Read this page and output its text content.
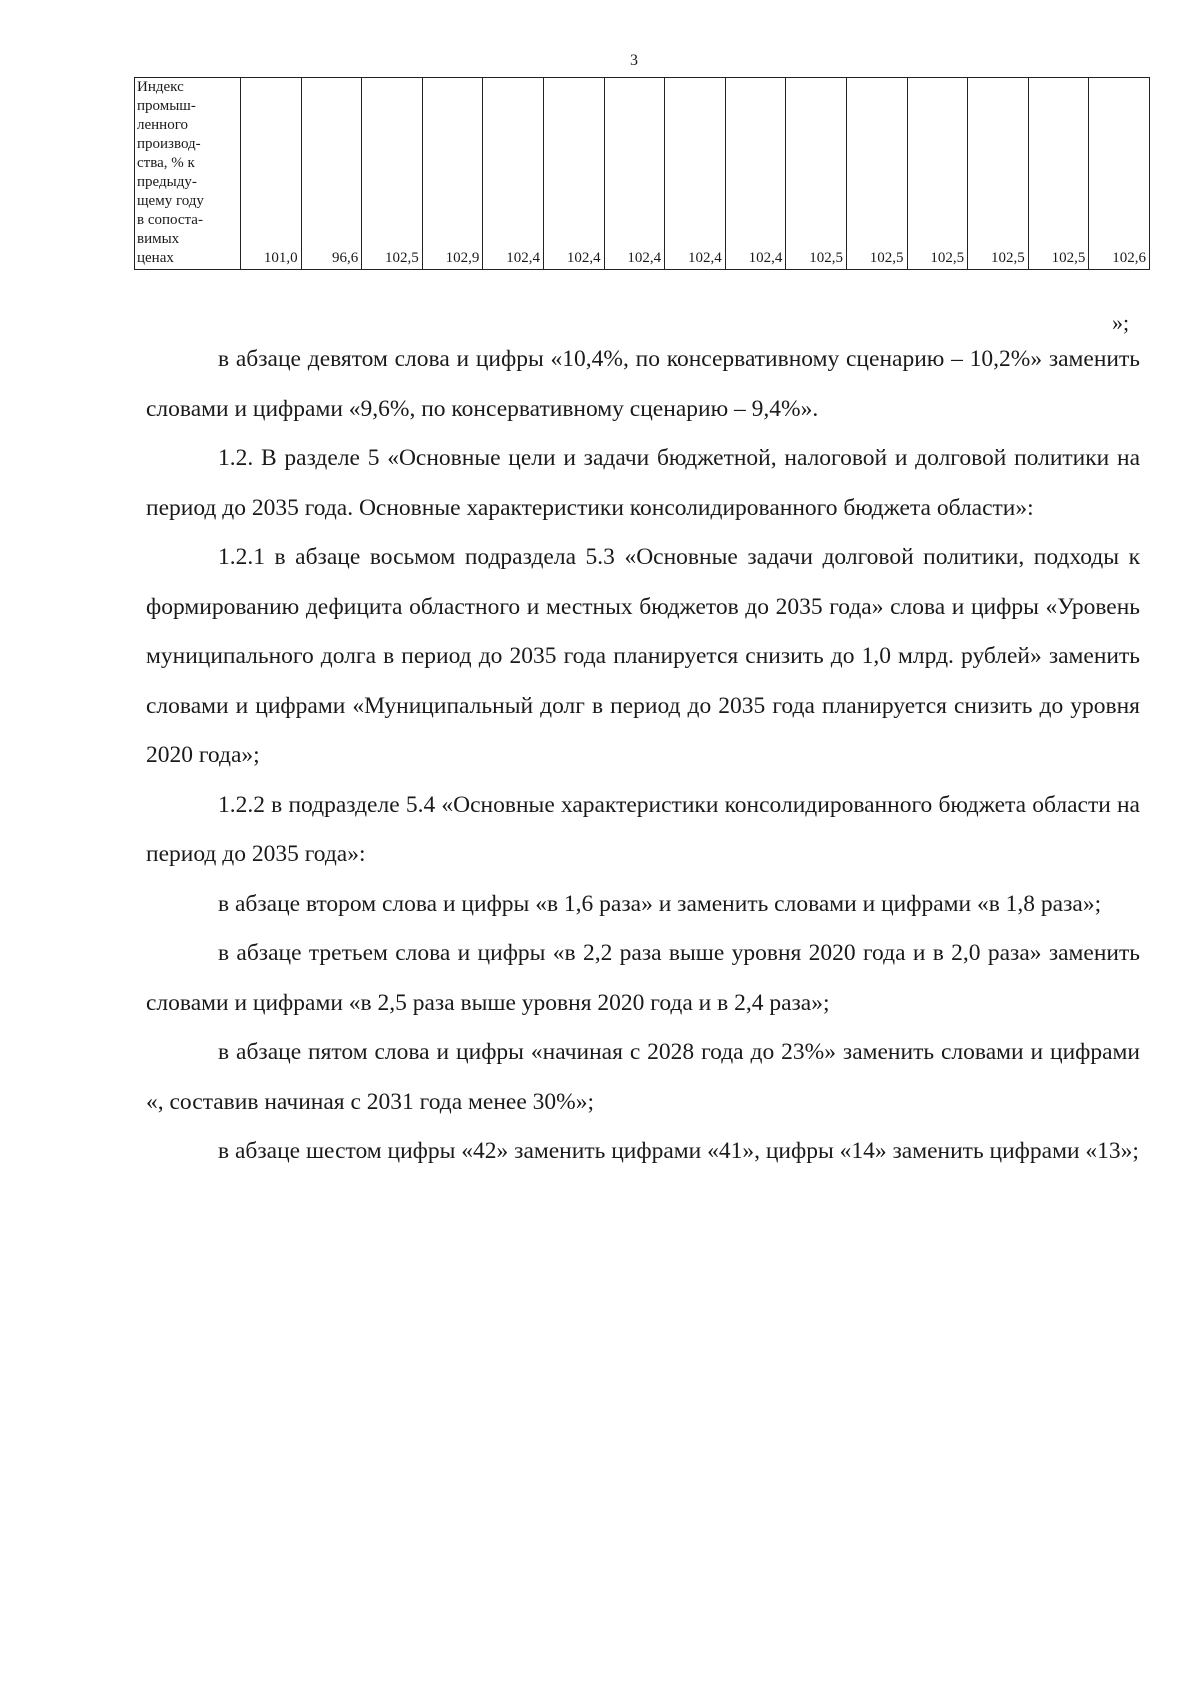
3
Индекс
промыш-
ленного
производ-
ства, % к
предыду-
щему году
в сопоста-
вимых
ценах	101,0	96,6	102,5	102,9	102,4	102,4	102,4	102,4	102,4	102,5	102,5	102,5	102,5	102,5	102,6
»;

в абзаце девятом слова и цифры «10,4%, по консервативному сценарию – 10,2%» заменить словами и цифрами «9,6%, по консервативному сценарию – 9,4%».

1.2. В разделе 5 «Основные цели и задачи бюджетной, налоговой и долговой политики на период до 2035 года. Основные характеристики консолидированного бюджета области»:

1.2.1 в абзаце восьмом подраздела 5.3 «Основные задачи долговой политики, подходы к формированию дефицита областного и местных бюджетов до 2035 года» слова и цифры «Уровень муниципального долга в период до 2035 года планируется снизить до 1,0 млрд. рублей» заменить словами и цифрами «Муниципальный долг в период до 2035 года планируется снизить до уровня 2020 года»;

1.2.2 в подразделе 5.4 «Основные характеристики консолидированного бюджета области на период до 2035 года»:

в абзаце втором слова и цифры «в 1,6 раза» и заменить словами и цифрами «в 1,8 раза»;

в абзаце третьем слова и цифры «в 2,2 раза выше уровня 2020 года и в 2,0 раза» заменить словами и цифрами «в 2,5 раза выше уровня 2020 года и в 2,4 раза»;

в абзаце пятом слова и цифры «начиная с 2028 года до 23%» заменить словами и цифрами «, составив начиная с 2031 года менее 30%»;

в абзаце шестом цифры «42» заменить цифрами «41», цифры «14» заменить цифрами «13»;
